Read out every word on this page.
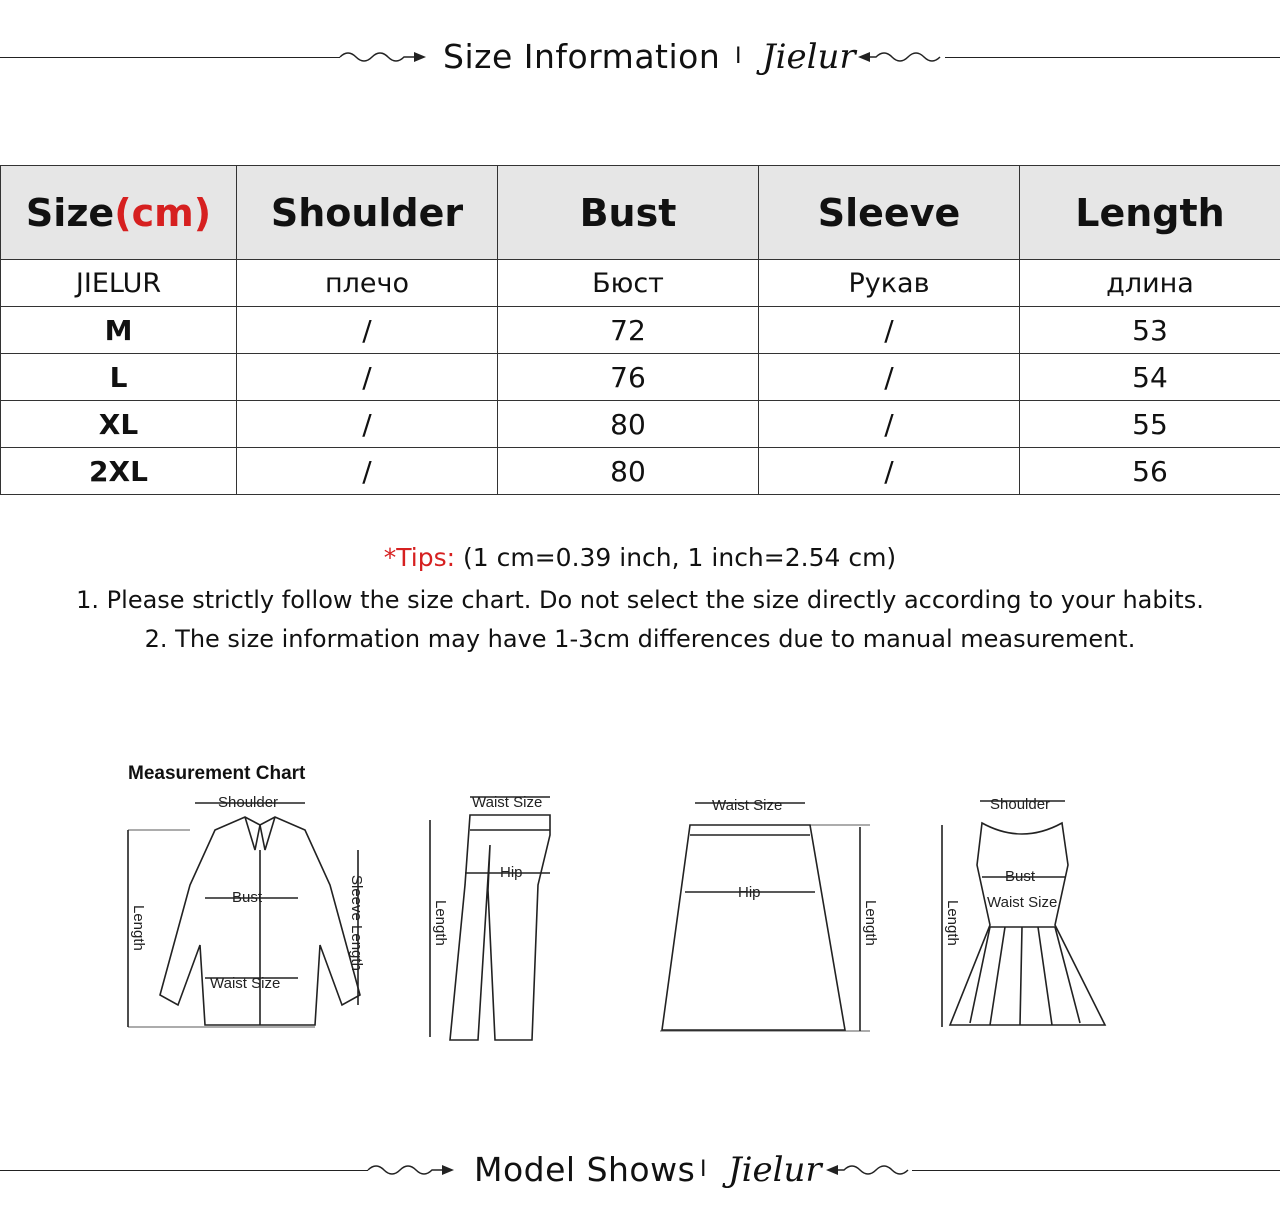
Size Information I Jielur
Size(cm)	Shoulder	Bust	Sleeve	Length
JIELUR	плечо	Бюст	Рукав	длина
M	/	72	/	53
L	/	76	/	54
XL	/	80	/	55
2XL	/	80	/	56
*Tips: (1 cm=0.39 inch, 1 inch=2.54 cm)
1. Please strictly follow the size chart. Do not select the size directly according to your habits.
2. The size information may have 1-3cm differences due to manual measurement.
Measurement Chart
Shoulder
Bust
Waist Size
Length	Sleeve Length
Waist Size
Hip
Length
Waist Size
Hip
Length
Shoulder
Bust
Waist Size
Length
Model Shows I Jielur
